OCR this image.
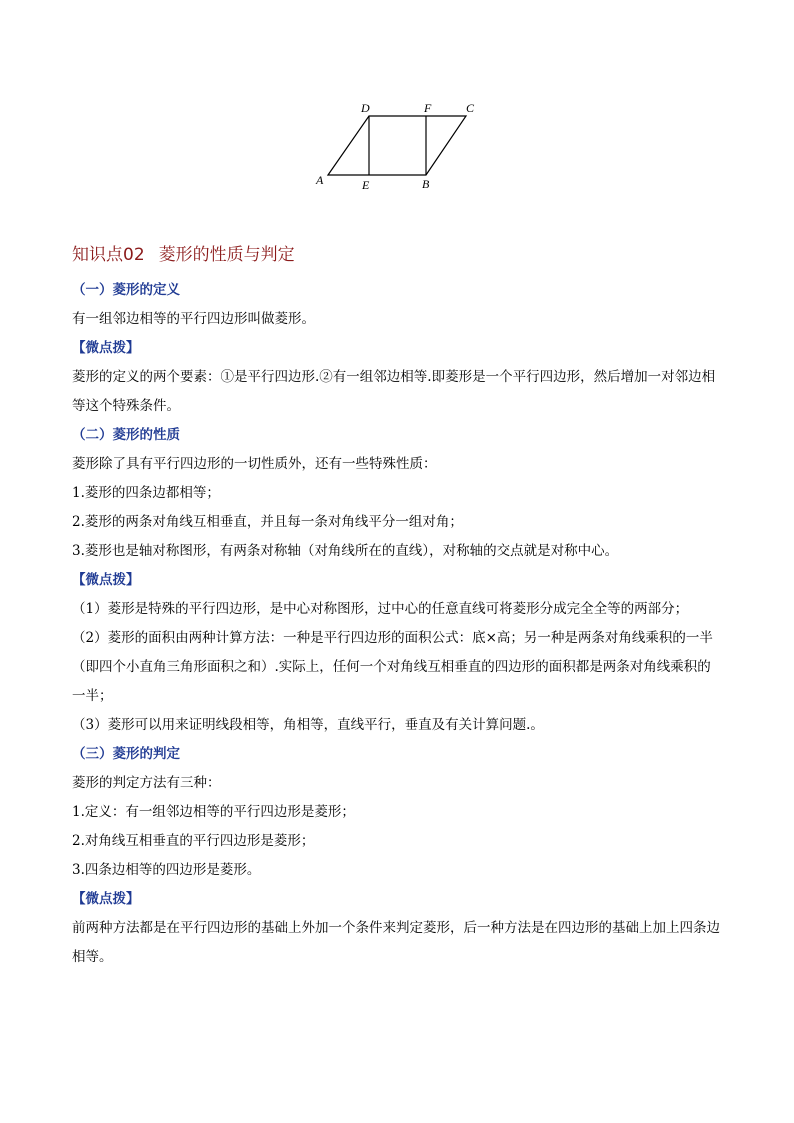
A	B
C
D
E
F
知识点02 菱形的性质与判定
（一）菱形的定义
有一组邻边相等的平行四边形叫做菱形。
【微点拨】
菱形的定义的两个要素：①是平行四边形.②有一组邻边相等.即菱形是一个平行四边形，然后增加一对邻边相等这个特殊条件。
（二）菱形的性质
菱形除了具有平行四边形的一切性质外，还有一些特殊性质：
1.菱形的四条边都相等；
2.菱形的两条对角线互相垂直，并且每一条对角线平分一组对角；
3.菱形也是轴对称图形，有两条对称轴（对角线所在的直线），对称轴的交点就是对称中心。
【微点拨】
（1）菱形是特殊的平行四边形，是中心对称图形，过中心的任意直线可将菱形分成完全全等的两部分；
（2）菱形的面积由两种计算方法：一种是平行四边形的面积公式：底×高；另一种是两条对角线乘积的一半（即四个小直角三角形面积之和）.实际上，任何一个对角线互相垂直的四边形的面积都是两条对角线乘积的一半；
（3）菱形可以用来证明线段相等，角相等，直线平行，垂直及有关计算问题.。
（三）菱形的判定
菱形的判定方法有三种：
1.定义：有一组邻边相等的平行四边形是菱形；
2.对角线互相垂直的平行四边形是菱形；
3.四条边相等的四边形是菱形。
【微点拨】
前两种方法都是在平行四边形的基础上外加一个条件来判定菱形，后一种方法是在四边形的基础上加上四条边相等。
